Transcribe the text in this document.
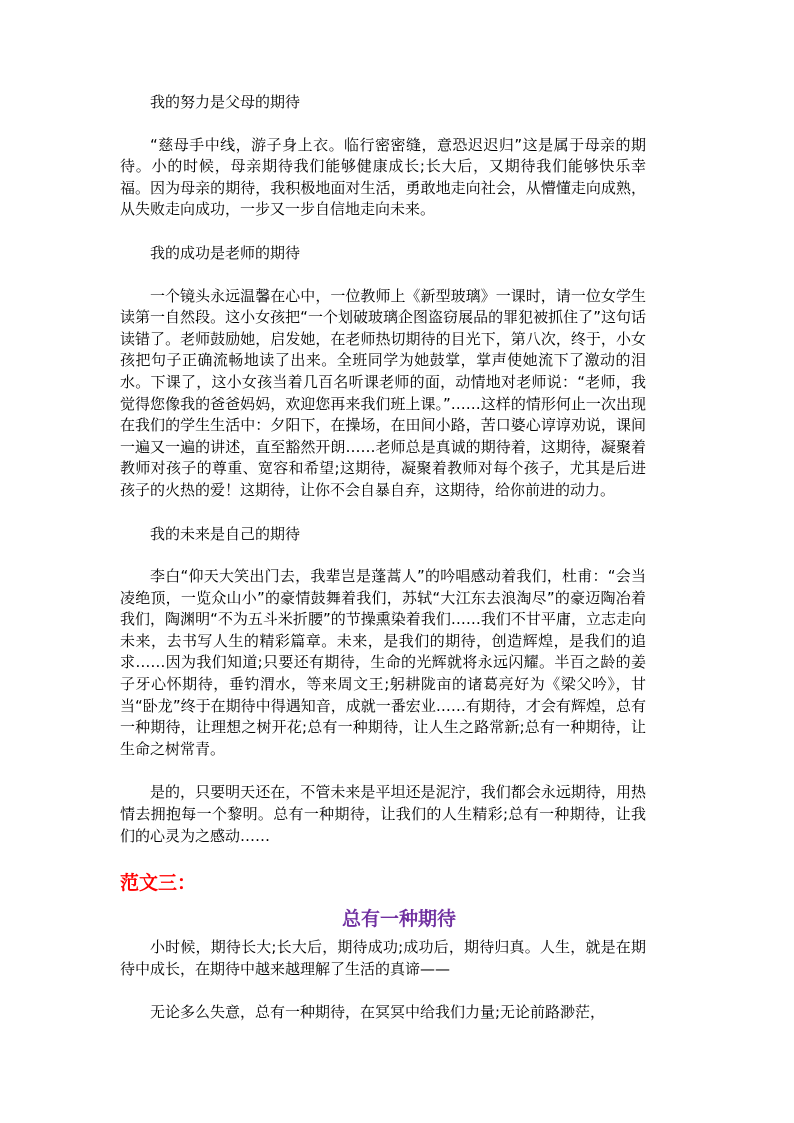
我的努力是父母的期待

“慈母手中线，游子身上衣。临行密密缝，意恐迟迟归”这是属于母亲的期待。小的时候，母亲期待我们能够健康成长;长大后，又期待我们能够快乐幸福。因为母亲的期待，我积极地面对生活，勇敢地走向社会，从懵懂走向成熟，从失败走向成功，一步又一步自信地走向未来。

我的成功是老师的期待

一个镜头永远温馨在心中，一位教师上《新型玻璃》一课时，请一位女学生读第一自然段。这小女孩把“一个划破玻璃企图盗窃展品的罪犯被抓住了”这句话读错了。老师鼓励她，启发她，在老师热切期待的目光下，第八次，终于，小女孩把句子正确流畅地读了出来。全班同学为她鼓掌，掌声使她流下了激动的泪水。下课了，这小女孩当着几百名听课老师的面，动情地对老师说：“老师，我觉得您像我的爸爸妈妈，欢迎您再来我们班上课。”……这样的情形何止一次出现在我们的学生生活中：夕阳下，在操场，在田间小路，苦口婆心谆谆劝说，课间一遍又一遍的讲述，直至豁然开朗……老师总是真诚的期待着，这期待，凝聚着教师对孩子的尊重、宽容和希望;这期待，凝聚着教师对每个孩子，尤其是后进孩子的火热的爱！这期待，让你不会自暴自弃，这期待，给你前进的动力。

我的未来是自己的期待

李白“仰天大笑出门去，我辈岂是蓬蒿人”的吟唱感动着我们，杜甫：“会当凌绝顶，一览众山小”的豪情鼓舞着我们，苏轼“大江东去浪淘尽”的豪迈陶冶着我们，陶渊明“不为五斗米折腰”的节操熏染着我们……我们不甘平庸，立志走向未来，去书写人生的精彩篇章。未来，是我们的期待，创造辉煌，是我们的追求……因为我们知道;只要还有期待，生命的光辉就将永远闪耀。半百之龄的姜子牙心怀期待，垂钓渭水，等来周文王;躬耕陇亩的诸葛亮好为《梁父吟》，甘当“卧龙”终于在期待中得遇知音，成就一番宏业……有期待，才会有辉煌，总有一种期待，让理想之树开花;总有一种期待，让人生之路常新;总有一种期待，让生命之树常青。

是的，只要明天还在，不管未来是平坦还是泥泞，我们都会永远期待，用热情去拥抱每一个黎明。总有一种期待，让我们的人生精彩;总有一种期待，让我们的心灵为之感动……

范文三：
总有一种期待

小时候，期待长大;长大后，期待成功;成功后，期待归真。人生，就是在期待中成长，在期待中越来越理解了生活的真谛——

无论多么失意，总有一种期待，在冥冥中给我们力量;无论前路渺茫，
